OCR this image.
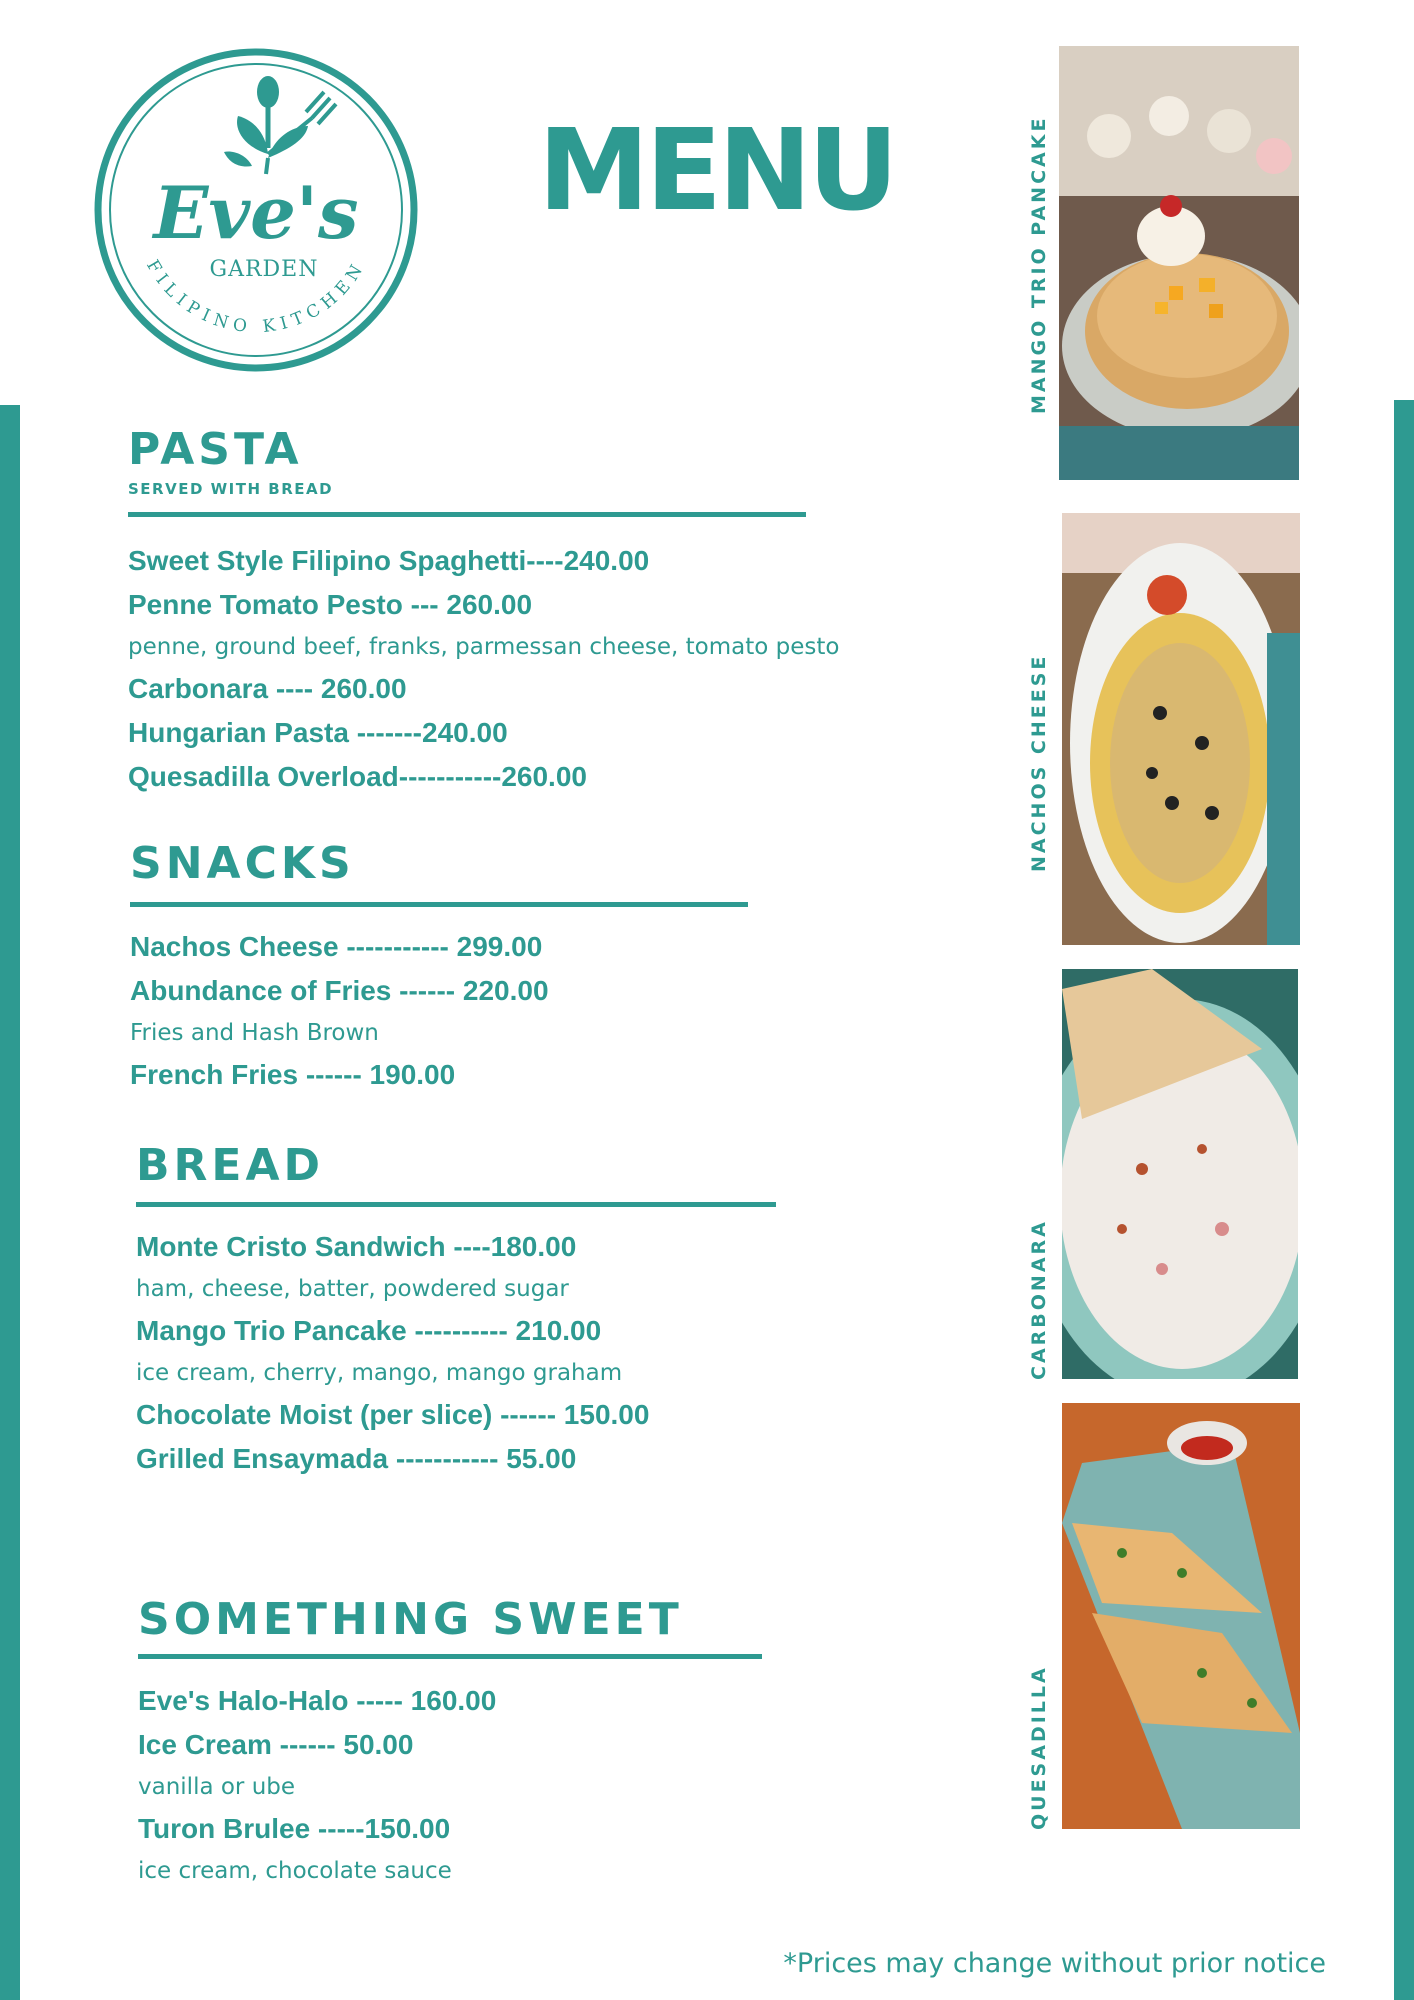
Eve's
GARDEN
FILIPINO KITCHEN
MENU
PASTA
SERVED WITH BREAD
Sweet Style Filipino Spaghetti----240.00
Penne Tomato Pesto --- 260.00
penne, ground beef, franks, parmessan cheese, tomato pesto
Carbonara ---- 260.00
Hungarian Pasta -------240.00
Quesadilla Overload-----------260.00
SNACKS
Nachos Cheese ----------- 299.00
Abundance of Fries ------ 220.00
Fries and Hash Brown
French Fries ------ 190.00
BREAD
Monte Cristo Sandwich ----180.00
ham, cheese, batter, powdered sugar
Mango Trio Pancake ---------- 210.00
ice cream, cherry, mango, mango graham
Chocolate Moist (per slice) ------ 150.00
Grilled Ensaymada ----------- 55.00
SOMETHING SWEET
Eve's Halo-Halo ----- 160.00
Ice Cream ------ 50.00
vanilla or ube
Turon Brulee -----150.00
ice cream, chocolate sauce
MANGO TRIO PANCAKE
NACHOS CHEESE
CARBONARA
QUESADILLA
*Prices may change without prior notice
